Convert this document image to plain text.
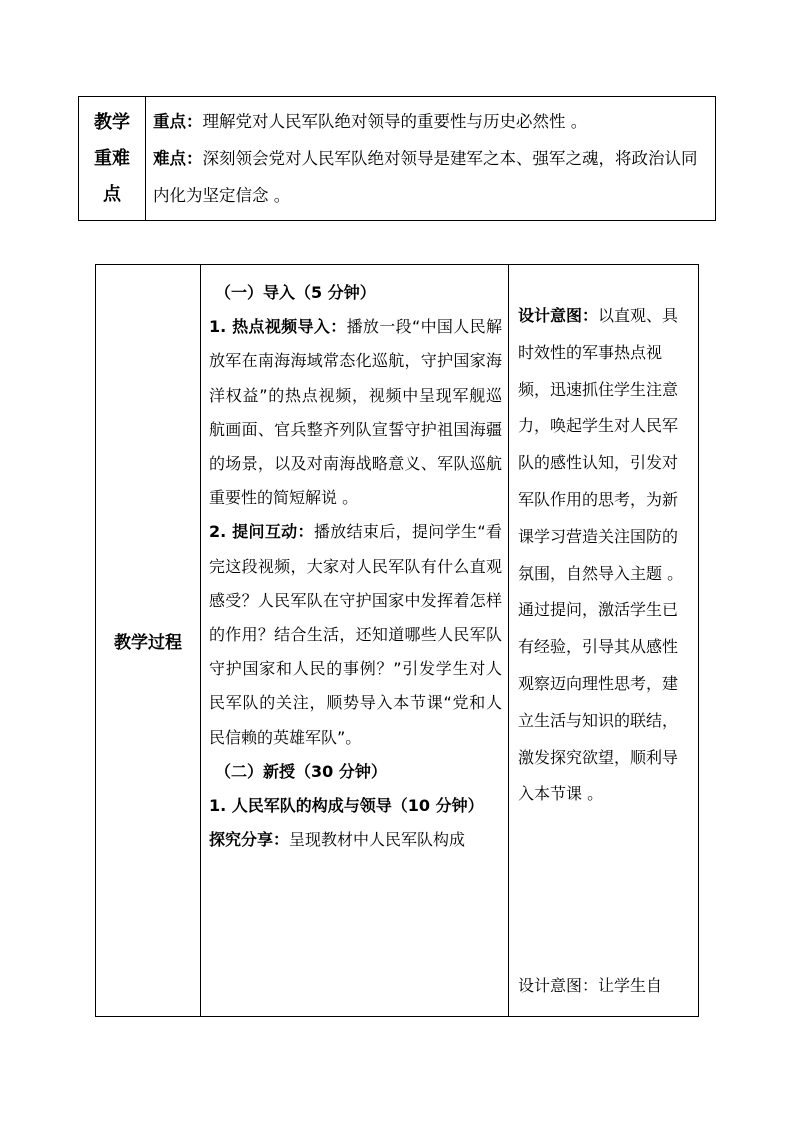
教学
重难
点
重点：理解党对人民军队绝对领导的重要性与历史必然性 。
难点：深刻领会党对人民军队绝对领导是建军之本、强军之魂，将政治认同内化为坚定信念 。
教学过程

（一）导入（5 分钟）

1. 热点视频导入：播放一段“中国人民解放军在南海海域常态化巡航，守护国家海洋权益”的热点视频，视频中呈现军舰巡航画面、官兵整齐列队宣誓守护祖国海疆的场景，以及对南海战略意义、军队巡航重要性的简短解说 。

2. 提问互动：播放结束后，提问学生“看完这段视频，大家对人民军队有什么直观感受？人民军队在守护国家中发挥着怎样的作用？结合生活，还知道哪些人民军队守护国家和人民的事例？”引发学生对人民军队的关注，顺势导入本节课“党和人民信赖的英雄军队”。

（二）新授（30 分钟）

1. 人民军队的构成与领导（10 分钟）

探究分享：呈现教材中人民军队构成

设计意图：以直观、具时效性的军事热点视频，迅速抓住学生注意力，唤起学生对人民军队的感性认知，引发对军队作用的思考，为新课学习营造关注国防的氛围，自然导入主题 。

通过提问，激活学生已有经验，引导其从感性观察迈向理性思考，建立生活与知识的联结，激发探究欲望，顺利导入本节课 。

设计意图：让学生自
